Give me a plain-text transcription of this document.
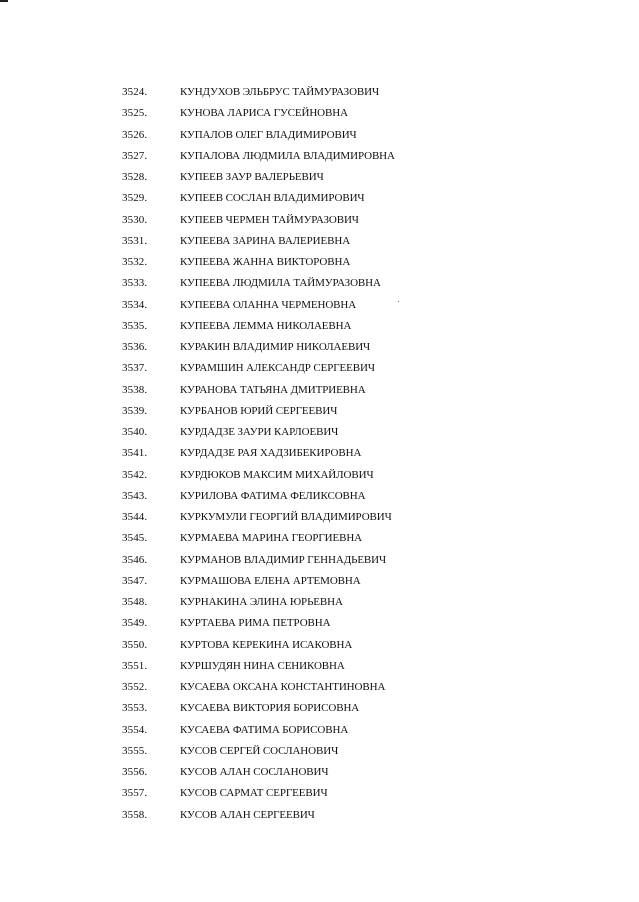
3524.	КУНДУХОВ ЭЛЬБРУС ТАЙМУРАЗОВИЧ
3525.	КУНОВА ЛАРИСА ГУСЕЙНОВНА
3526.	КУПАЛОВ ОЛЕГ ВЛАДИМИРОВИЧ
3527.	КУПАЛОВА ЛЮДМИЛА ВЛАДИМИРОВНА
3528.	КУПЕЕВ ЗАУР ВАЛЕРЬЕВИЧ
3529.	КУПЕЕВ СОСЛАН ВЛАДИМИРОВИЧ
3530.	КУПЕЕВ ЧЕРМЕН ТАЙМУРАЗОВИЧ
3531.	КУПЕЕВА ЗАРИНА ВАЛЕРИЕВНА
3532.	КУПЕЕВА ЖАННА ВИКТОРОВНА
3533.	КУПЕЕВА ЛЮДМИЛА ТАЙМУРАЗОВНА
3534.	КУПЕЕВА ОЛАННА ЧЕРМЕНОВНА
3535.	КУПЕЕВА ЛЕММА НИКОЛАЕВНА
3536.	КУРАКИН ВЛАДИМИР НИКОЛАЕВИЧ
3537.	КУРАМШИН АЛЕКСАНДР СЕРГЕЕВИЧ
3538.	КУРАНОВА ТАТЬЯНА ДМИТРИЕВНА
3539.	КУРБАНОВ ЮРИЙ СЕРГЕЕВИЧ
3540.	КУРДАДЗЕ ЗАУРИ КАРЛОЕВИЧ
3541.	КУРДАДЗЕ РАЯ ХАДЗИБЕКИРОВНА
3542.	КУРДЮКОВ МАКСИМ МИХАЙЛОВИЧ
3543.	КУРИЛОВА ФАТИМА ФЕЛИКСОВНА
3544.	КУРКУМУЛИ ГЕОРГИЙ ВЛАДИМИРОВИЧ
3545.	КУРМАЕВА МАРИНА ГЕОРГИЕВНА
3546.	КУРМАНОВ ВЛАДИМИР ГЕННАДЬЕВИЧ
3547.	КУРМАШОВА ЕЛЕНА АРТЕМОВНА
3548.	КУРНАКИНА ЭЛИНА ЮРЬЕВНА
3549.	КУРТАЕВА РИМА ПЕТРОВНА
3550.	КУРТОВА КЕРЕКИНА ИСАКОВНА
3551.	КУРШУДЯН НИНА СЕНИКОВНА
3552.	КУСАЕВА ОКСАНА КОНСТАНТИНОВНА
3553.	КУСАЕВА ВИКТОРИЯ БОРИСОВНА
3554.	КУСАЕВА ФАТИМА БОРИСОВНА
3555.	КУСОВ СЕРГЕЙ СОСЛАНОВИЧ
3556.	КУСОВ АЛАН СОСЛАНОВИЧ
3557.	КУСОВ САРМАТ СЕРГЕЕВИЧ
3558.	КУСОВ АЛАН СЕРГЕЕВИЧ
